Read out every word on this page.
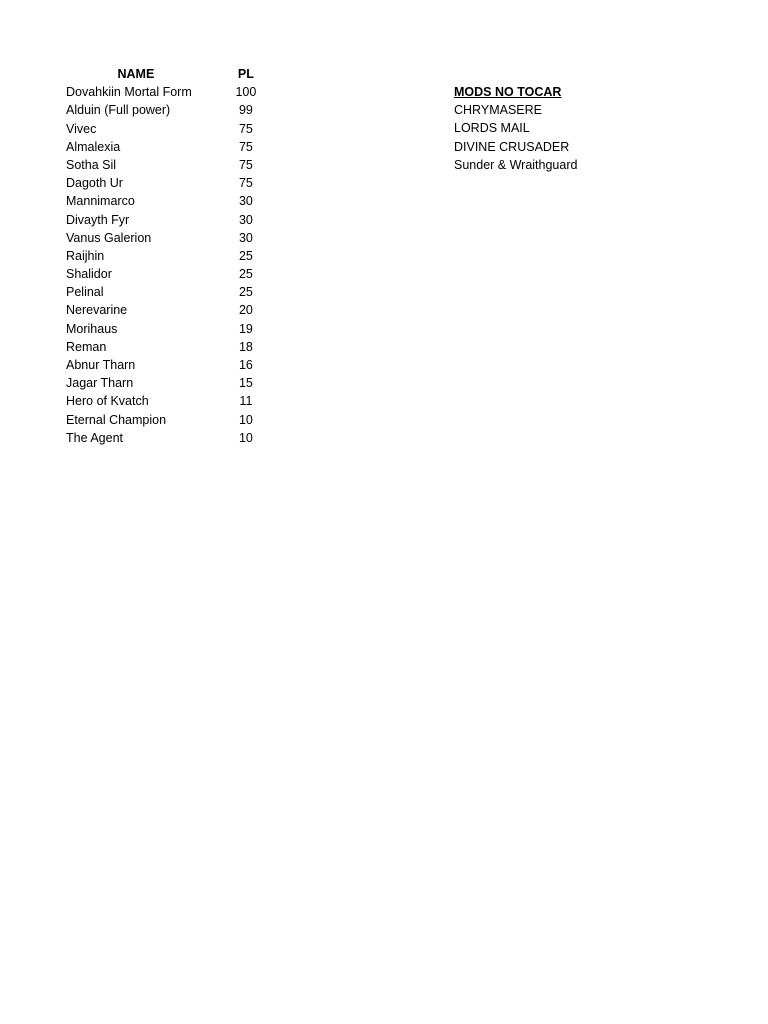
NAME	PL
Dovahkiin Mortal Form	100
Alduin (Full power)	99
Vivec	75
Almalexia	75
Sotha Sil	75
Dagoth Ur	75
Mannimarco	30
Divayth Fyr	30
Vanus Galerion	30
Raijhin	25
Shalidor	25
Pelinal	25
Nerevarine	20
Morihaus	19
Reman	18
Abnur Tharn	16
Jagar Tharn	15
Hero of Kvatch	11
Eternal Champion	10
The Agent	10
MODS NO TOCAR
CHRYMASERE
LORDS MAIL
DIVINE CRUSADER
Sunder & Wraithguard
